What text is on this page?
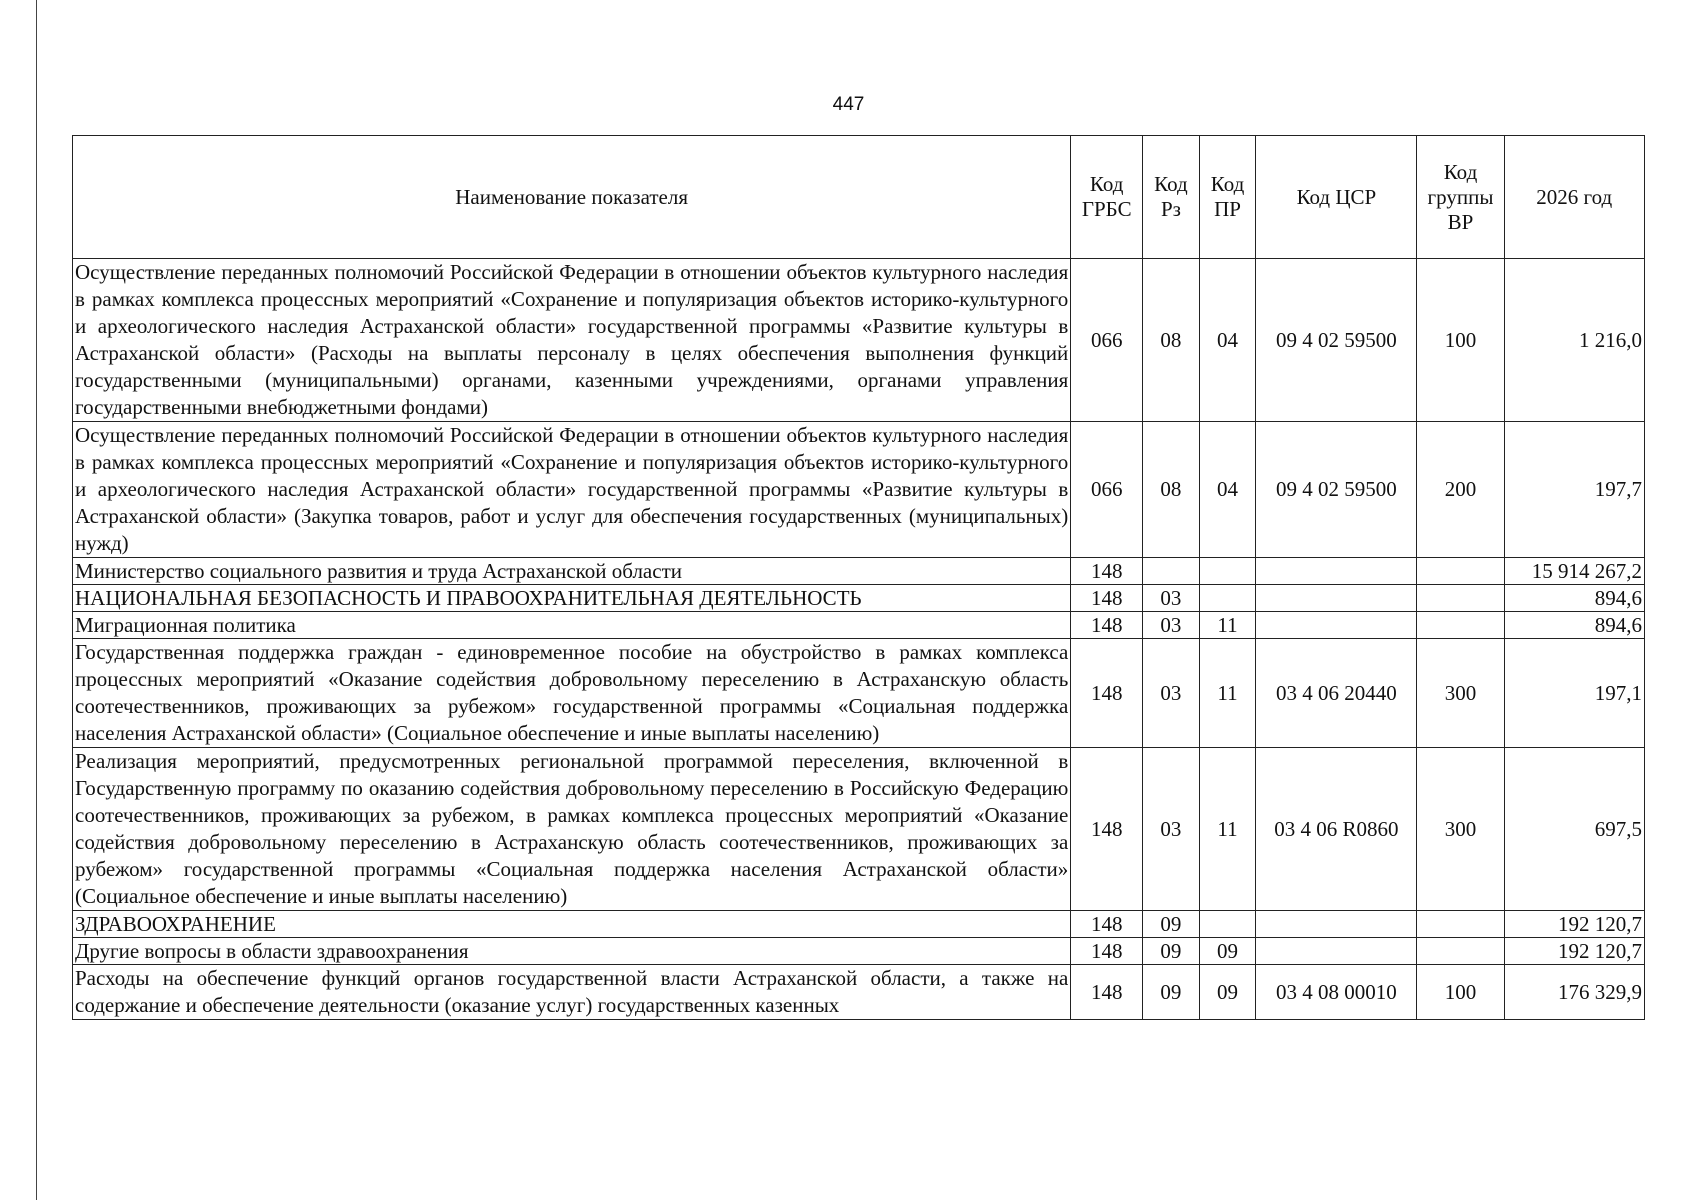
447
Наименование показателя	Код ГРБС	Код Рз	Код ПР	Код ЦСР	Код группы ВР	2026 год
Осуществление переданных полномочий Российской Федерации в отношении объектов культурного наследия в рамках комплекса процессных мероприятий «Сохранение и популяризация объектов историко-культурного и археологического наследия Астраханской области» государственной программы «Развитие культуры в Астраханской области» (Расходы на выплаты персоналу в целях обеспечения выполнения функций государственными (муниципальными) органами, казенными учреждениями, органами управления государственными внебюджетными фондами)	066	08	04	09 4 02 59500	100	1 216,0
Осуществление переданных полномочий Российской Федерации в отношении объектов культурного наследия в рамках комплекса процессных мероприятий «Сохранение и популяризация объектов историко-культурного и археологического наследия Астраханской области» государственной программы «Развитие культуры в Астраханской области» (Закупка товаров, работ и услуг для обеспечения государственных (муниципальных) нужд)	066	08	04	09 4 02 59500	200	197,7
Министерство социального развития и труда Астраханской области	148					15 914 267,2
НАЦИОНАЛЬНАЯ БЕЗОПАСНОСТЬ И ПРАВООХРАНИТЕЛЬНАЯ ДЕЯТЕЛЬНОСТЬ	148	03				894,6
Миграционная политика	148	03	11			894,6
Государственная поддержка граждан - единовременное пособие на обустройство в рамках комплекса процессных мероприятий «Оказание содействия добровольному переселению в Астраханскую область соотечественников, проживающих за рубежом» государственной программы «Социальная поддержка населения Астраханской области» (Социальное обеспечение и иные выплаты населению)	148	03	11	03 4 06 20440	300	197,1
Реализация мероприятий, предусмотренных региональной программой переселения, включенной в Государственную программу по оказанию содействия добровольному переселению в Российскую Федерацию соотечественников, проживающих за рубежом, в рамках комплекса процессных мероприятий «Оказание содействия добровольному переселению в Астраханскую область соотечественников, проживающих за рубежом» государственной программы «Социальная поддержка населения Астраханской области» (Социальное обеспечение и иные выплаты населению)	148	03	11	03 4 06 R0860	300	697,5
ЗДРАВООХРАНЕНИЕ	148	09				192 120,7
Другие вопросы в области здравоохранения	148	09	09			192 120,7
Расходы на обеспечение функций органов государственной власти Астраханской области, а также на содержание и обеспечение деятельности (оказание услуг) государственных казенных	148	09	09	03 4 08 00010	100	176 329,9
